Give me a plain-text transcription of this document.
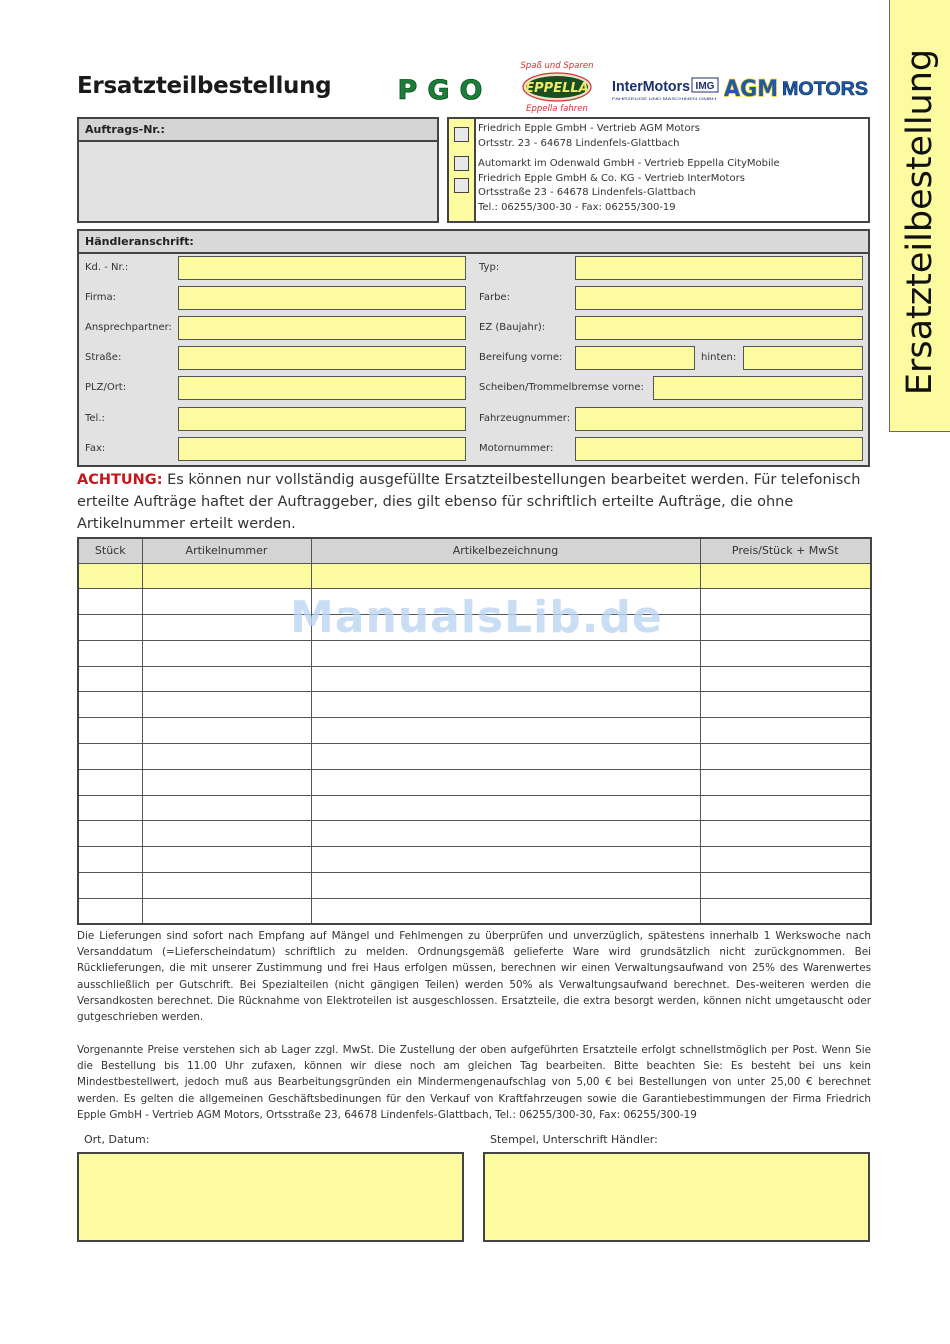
Ersatzteilbestellung
Ersatzteilbestellung PGO	EPPELLA
Spaß und Sparen
Eppella fahren
InterMotors IMG
FAHRZEUGE UND MASCHINEN GMBH AGM MOTORS
Auftrags-Nr.:	Friedrich Epple GmbH - Vertrieb AGM Motors
Ortsstr. 23 - 64678 Lindenfels-Glattbach
Automarkt im Odenwald GmbH - Vertrieb Eppella CityMobile
Friedrich Epple GmbH & Co. KG - Vertrieb InterMotors
Ortsstraße 23 - 64678 Lindenfels-Glattbach
Tel.: 06255/300-30 - Fax: 06255/300-19
Händleranschrift:
Kd. - Nr.:
Firma:
Ansprechpartner:
Straße:
PLZ/Ort:
Tel.:
Fax:
Typ:
Farbe:
EZ (Baujahr):
Bereifung vorne:	hinten:
Scheiben/Trommelbremse vorne:
Fahrzeugnummer:
Motornummer:
ACHTUNG: Es können nur vollständig ausgefüllte Ersatzteilbestellungen bearbeitet werden. Für telefonisch erteilte Aufträge haftet der Auftraggeber, dies gilt ebenso für schriftlich erteilte Aufträge, die ohne Artikelnummer erteilt werden.
Stück	Artikelnummer	Artikelbezeichnung	Preis/Stück + MwSt

ManualsLib.de
Die Lieferungen sind sofort nach Empfang auf Mängel und Fehlmengen zu überprüfen und unverzüglich, spätestens innerhalb 1 Werkswoche nach Versanddatum (=Lieferscheindatum) schriftlich zu melden. Ordnungsgemäß gelieferte Ware wird grundsätzlich nicht zurückgnommen. Bei Rücklieferungen, die mit unserer Zustimmung und frei Haus erfolgen müssen, berechnen wir einen Verwaltungsaufwand von 25% des Warenwertes ausschließlich per Gutschrift. Bei Spezialteilen (nicht gängigen Teilen) werden 50% als Verwaltungsaufwand berechnet. Des-weiteren werden die Versandkosten berechnet. Die Rücknahme von Elektroteilen ist ausgeschlossen. Ersatzteile, die extra besorgt werden, können nicht umgetauscht oder gutgeschrieben werden.
Vorgenannte Preise verstehen sich ab Lager zzgl. MwSt. Die Zustellung der oben aufgeführten Ersatzteile erfolgt schnellstmöglich per Post. Wenn Sie die Bestellung bis 11.00 Uhr zufaxen, können wir diese noch am gleichen Tag bearbeiten. Bitte beachten Sie: Es besteht bei uns kein Mindestbestellwert, jedoch muß aus Bearbeitungsgründen ein Mindermengenaufschlag von 5,00 € bei Bestellungen von unter 25,00 € berechnet werden. Es gelten die allgemeinen Geschäftsbedinungen für den Verkauf von Kraftfahrzeugen sowie die Garantiebestimmungen der Firma Friedrich Epple GmbH - Vertrieb AGM Motors, Ortsstraße 23, 64678 Lindenfels-Glattbach, Tel.: 06255/300-30, Fax: 06255/300-19
Ort, Datum:	Stempel, Unterschrift Händler:
